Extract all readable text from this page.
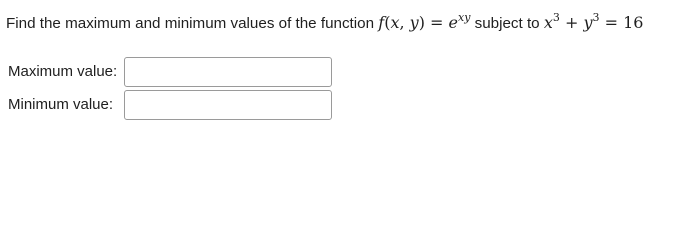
Find the maximum and minimum values of the function f(x, $y) = e^{xy}$ subject to $x^3 + y^3 = 16$
Maximum value:
Minimum value:
